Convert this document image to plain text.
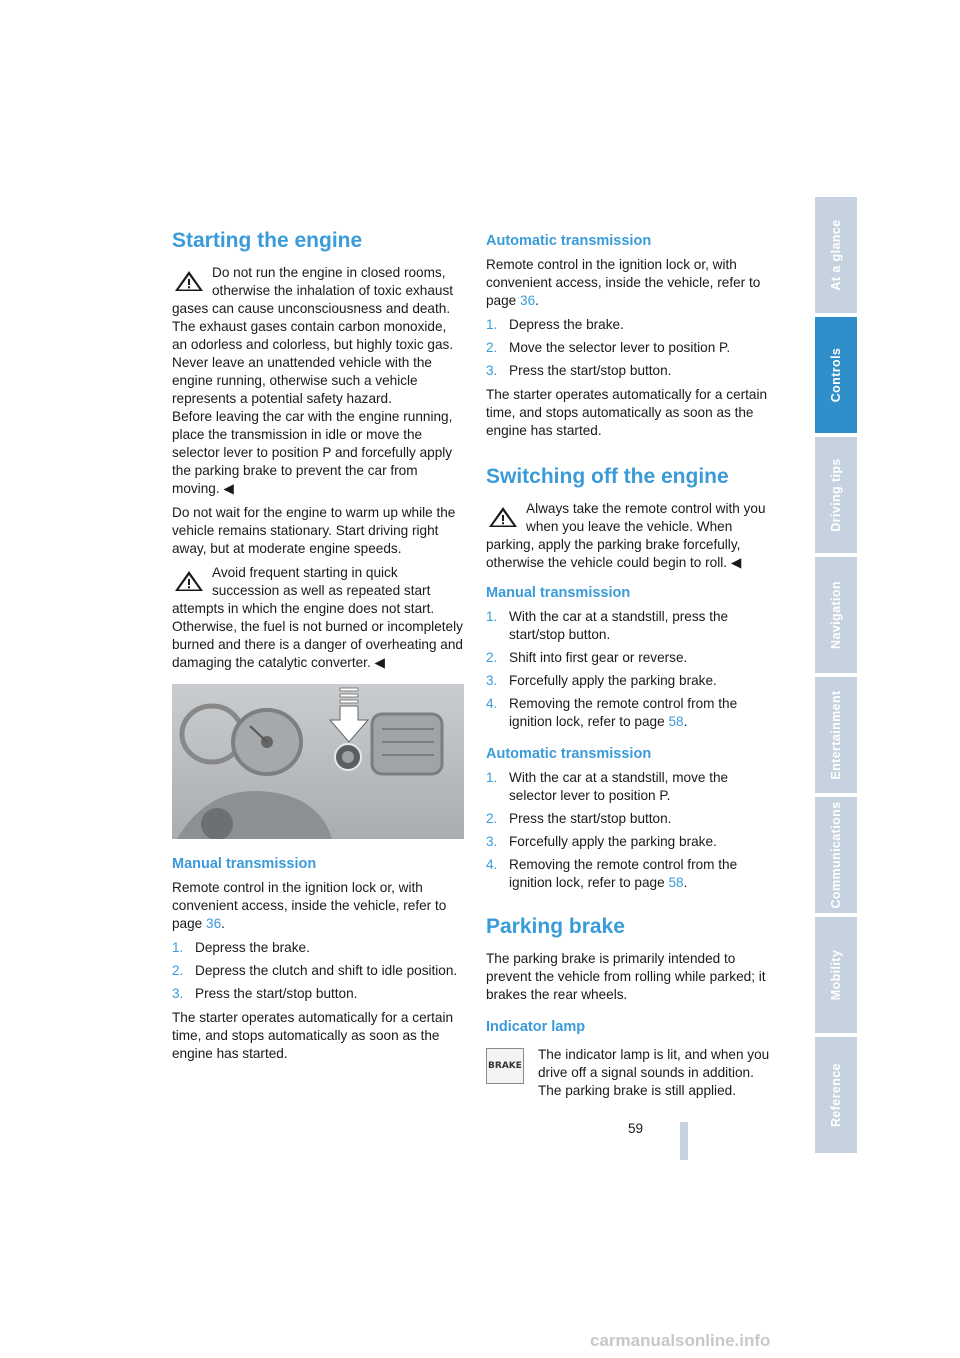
Starting the engine
Do not run the engine in closed rooms, otherwise the inhalation of toxic exhaust gases can cause unconsciousness and death. The exhaust gases contain carbon monoxide, an odorless and colorless, but highly toxic gas. Never leave an unattended vehicle with the engine running, otherwise such a vehicle represents a potential safety hazard.
Before leaving the car with the engine running, place the transmission in idle or move the selector lever to position P and forcefully apply the parking brake to prevent the car from moving. ◀

Do not wait for the engine to warm up while the vehicle remains stationary. Start driving right away, but at moderate engine speeds.

Avoid frequent starting in quick succession as well as repeated start attempts in which the engine does not start. Otherwise, the fuel is not burned or incompletely burned and there is a danger of overheating and damaging the catalytic converter. ◀
Manual transmission

Remote control in the ignition lock or, with convenient access, inside the vehicle, refer to page 36.

1. Depress the brake.
2. Depress the clutch and shift to idle position.
3. Press the start/stop button.

The starter operates automatically for a certain time, and stops automatically as soon as the engine has started.

Automatic transmission

Remote control in the ignition lock or, with convenient access, inside the vehicle, refer to page 36.

1. Depress the brake.
2. Move the selector lever to position P.
3. Press the start/stop button.

The starter operates automatically for a certain time, and stops automatically as soon as the engine has started.

Switching off the engine
Always take the remote control with you when you leave the vehicle. When parking, apply the parking brake forcefully, otherwise the vehicle could begin to roll. ◀
Manual transmission
1. With the car at a standstill, press the start/stop button.
2. Shift into first gear or reverse.
3. Forcefully apply the parking brake.
4. Removing the remote control from the ignition lock, refer to page 58.
Automatic transmission
1. With the car at a standstill, move the selector lever to position P.
2. Press the start/stop button.
3. Forcefully apply the parking brake.
4. Removing the remote control from the ignition lock, refer to page 58.
Parking brake

The parking brake is primarily intended to prevent the vehicle from rolling while parked; it brakes the rear wheels.

Indicator lamp
BRAKE

The indicator lamp is lit, and when you drive off a signal sounds in addition. The parking brake is still applied.

At a glance
Controls
Driving tips
Navigation
Entertainment
Communications
Mobility
Reference
59
carmanualsonline.info
